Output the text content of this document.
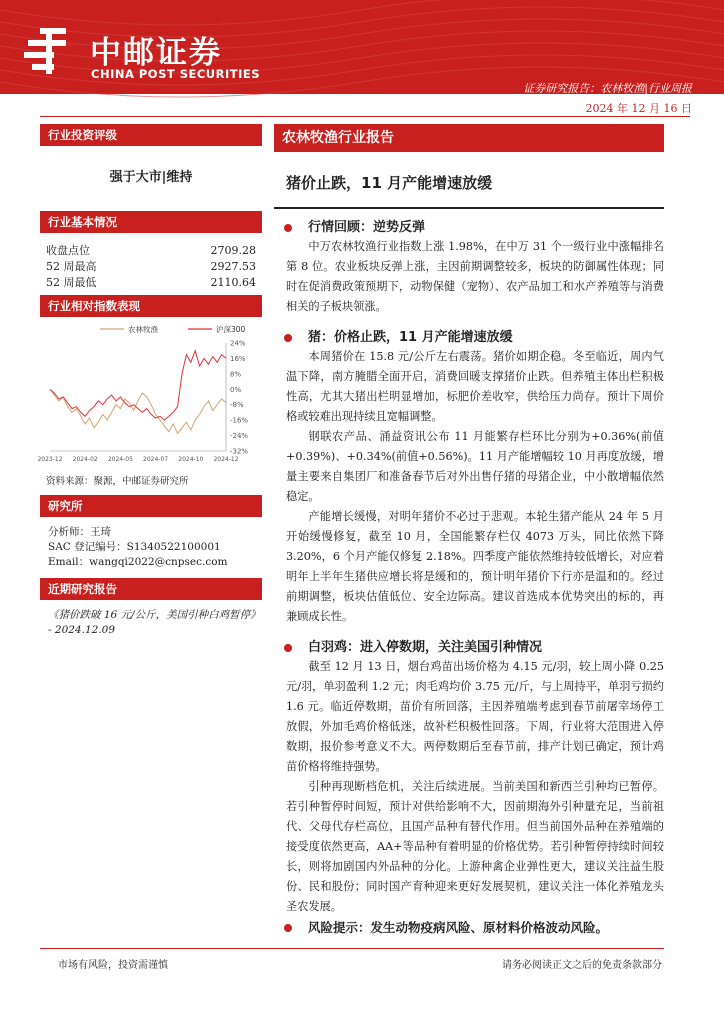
中邮证券
CHINA POST SECURITIES
证券研究报告：农林牧渔|行业周报
2024 年 12 月 16 日
行业投资评级
强于大市|维持
行业基本情况
收盘点位	2709.28
52 周最高	2927.53
52 周最低	2110.64
行业相对指数表现
农林牧渔	沪深300
24%
16%
8%
0%
-8%
-16%
-24%
-32%
2023-12 2024-02 2024-05 2024-07 2024-10 2024-12
资料来源：聚源，中邮证券研究所
研究所
分析师：王琦
SAC 登记编号：S1340522100001
Email：wangqi2022@cnpsec.com
近期研究报告
《猪价跌破 16 元/公斤，美国引种白鸡暂停》 - 2024.12.09
农林牧渔行业报告
猪价止跌，11 月产能增速放缓
行情回顾：逆势反弹

中万农林牧渔行业指数上涨 1.98%，在中万 31 个一级行业中涨幅排名第 8 位。农业板块反弹上涨，主因前期调整较多，板块的防御属性体现；同时在促消费政策预期下，动物保健（宠物）、农产品加工和水产养殖等与消费相关的子板块领涨。

猪：价格止跌，11 月产能增速放缓

本周猪价在 15.8 元/公斤左右震荡。猪价如期企稳。冬至临近，周内气温下降，南方腌腊全面开启，消费回暖支撑猪价止跌。但养殖主体出栏积极性高，尤其大猪出栏明显增加，标肥价差收窄，供给压力尚存。预计下周价格或较难出现持续且宽幅调整。

钢联农产品、涌益资讯公布 11 月能繁存栏环比分别为+0.36%(前值+0.39%)、+0.34%(前值+0.56%)。11 月产能增幅较 10 月再度放缓，增量主要来自集团厂和准备春节后对外出售仔猪的母猪企业，中小散增幅依然稳定。

产能增长缓慢，对明年猪价不必过于悲观。本轮生猪产能从 24 年 5 月开始缓慢修复，截至 10 月，全国能繁存栏仅 4073 万头，同比依然下降 3.20%，6 个月产能仅修复 2.18%。四季度产能依然维持较低增长，对应着明年上半年生猪供应增长将是缓和的，预计明年猪价下行亦是温和的。经过前期调整，板块估值低位、安全边际高。建议首选成本优势突出的标的，再兼顾成长性。

白羽鸡：进入停数期，关注美国引种情况

截至 12 月 13 日，烟台鸡苗出场价格为 4.15 元/羽，较上周小降 0.25 元/羽，单羽盈利 1.2 元；肉毛鸡均价 3.75 元/斤，与上周持平，单羽亏损约 1.6 元。临近停数期，苗价有所回落，主因养殖端考虑到春节前屠宰场停工放假，外加毛鸡价格低迷，故补栏积极性回落。下周，行业将大范围进入停数期，报价参考意义不大。两停数期后至春节前，排产计划已确定，预计鸡苗价格将维持强势。

引种再现断档危机，关注后续进展。当前美国和新西兰引种均已暂停。若引种暂停时间短，预计对供给影响不大，因前期海外引种量充足，当前祖代、父母代存栏高位，且国产品种有替代作用。但当前国外品种在养殖端的接受度依然更高，AA+等品种有着明显的价格优势。若引种暂停持续时间较长，则将加剧国内外品种的分化。上游种禽企业弹性更大，建议关注益生股份、民和股份；同时国产育种迎来更好发展契机，建议关注一体化养殖龙头圣农发展。

风险提示：发生动物疫病风险、原材料价格波动风险。
市场有风险，投资需谨慎	请务必阅读正文之后的免责条款部分
